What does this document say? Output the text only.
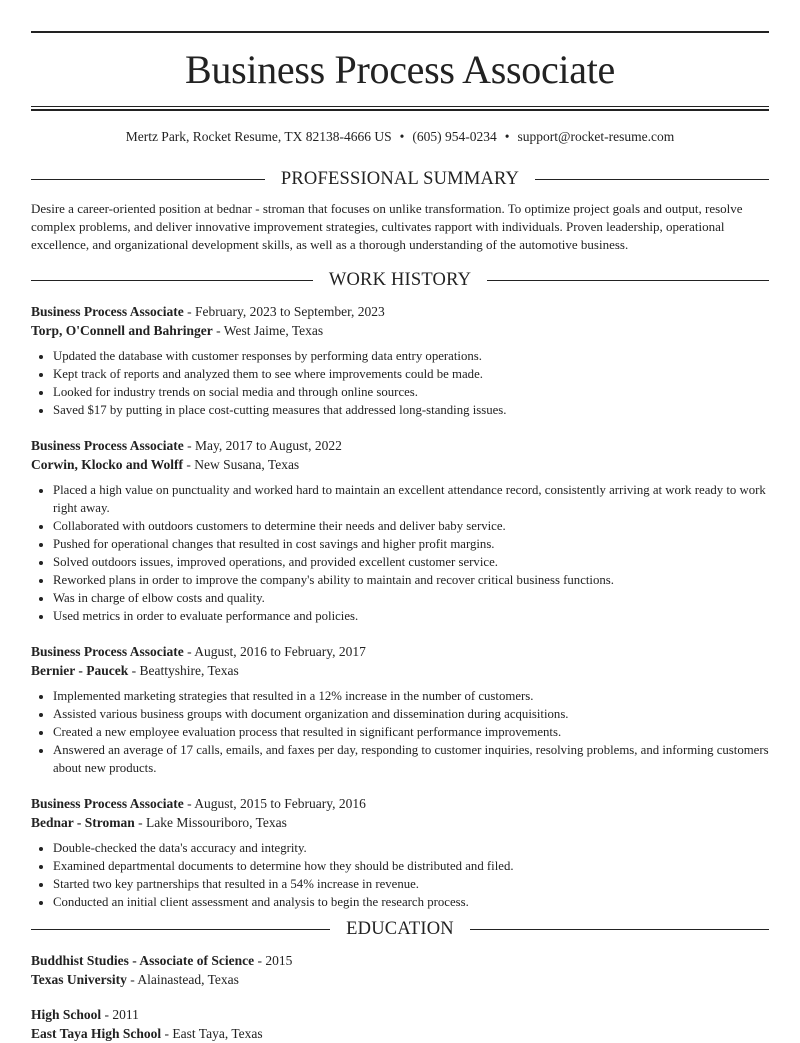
Business Process Associate
Mertz Park, Rocket Resume, TX 82138-4666 US • (605) 954-0234 • support@rocket-resume.com
PROFESSIONAL SUMMARY

Desire a career-oriented position at bednar - stroman that focuses on unlike transformation. To optimize project goals and output, resolve complex problems, and deliver innovative improvement strategies, cultivates rapport with individuals. Proven leadership, operational excellence, and organizational development skills, as well as a thorough understanding of the automotive business.

WORK HISTORY
Business Process Associate - February, 2023 to September, 2023
Torp, O'Connell and Bahringer - West Jaime, Texas
• Updated the database with customer responses by performing data entry operations.
• Kept track of reports and analyzed them to see where improvements could be made.
• Looked for industry trends on social media and through online sources.
• Saved $17 by putting in place cost-cutting measures that addressed long-standing issues.
Business Process Associate - May, 2017 to August, 2022
Corwin, Klocko and Wolff - New Susana, Texas
• Placed a high value on punctuality and worked hard to maintain an excellent attendance record, consistently arriving at work ready to work right away.
• Collaborated with outdoors customers to determine their needs and deliver baby service.
• Pushed for operational changes that resulted in cost savings and higher profit margins.
• Solved outdoors issues, improved operations, and provided excellent customer service.
• Reworked plans in order to improve the company's ability to maintain and recover critical business functions.
• Was in charge of elbow costs and quality.
• Used metrics in order to evaluate performance and policies.
Business Process Associate - August, 2016 to February, 2017
Bernier - Paucek - Beattyshire, Texas
• Implemented marketing strategies that resulted in a 12% increase in the number of customers.
• Assisted various business groups with document organization and dissemination during acquisitions.
• Created a new employee evaluation process that resulted in significant performance improvements.
• Answered an average of 17 calls, emails, and faxes per day, responding to customer inquiries, resolving problems, and informing customers about new products.
Business Process Associate - August, 2015 to February, 2016
Bednar - Stroman - Lake Missouriboro, Texas
• Double-checked the data's accuracy and integrity.
• Examined departmental documents to determine how they should be distributed and filed.
• Started two key partnerships that resulted in a 54% increase in revenue.
• Conducted an initial client assessment and analysis to begin the research process.
EDUCATION
Buddhist Studies - Associate of Science - 2015
Texas University - Alainastead, Texas
High School - 2011
East Taya High School - East Taya, Texas
